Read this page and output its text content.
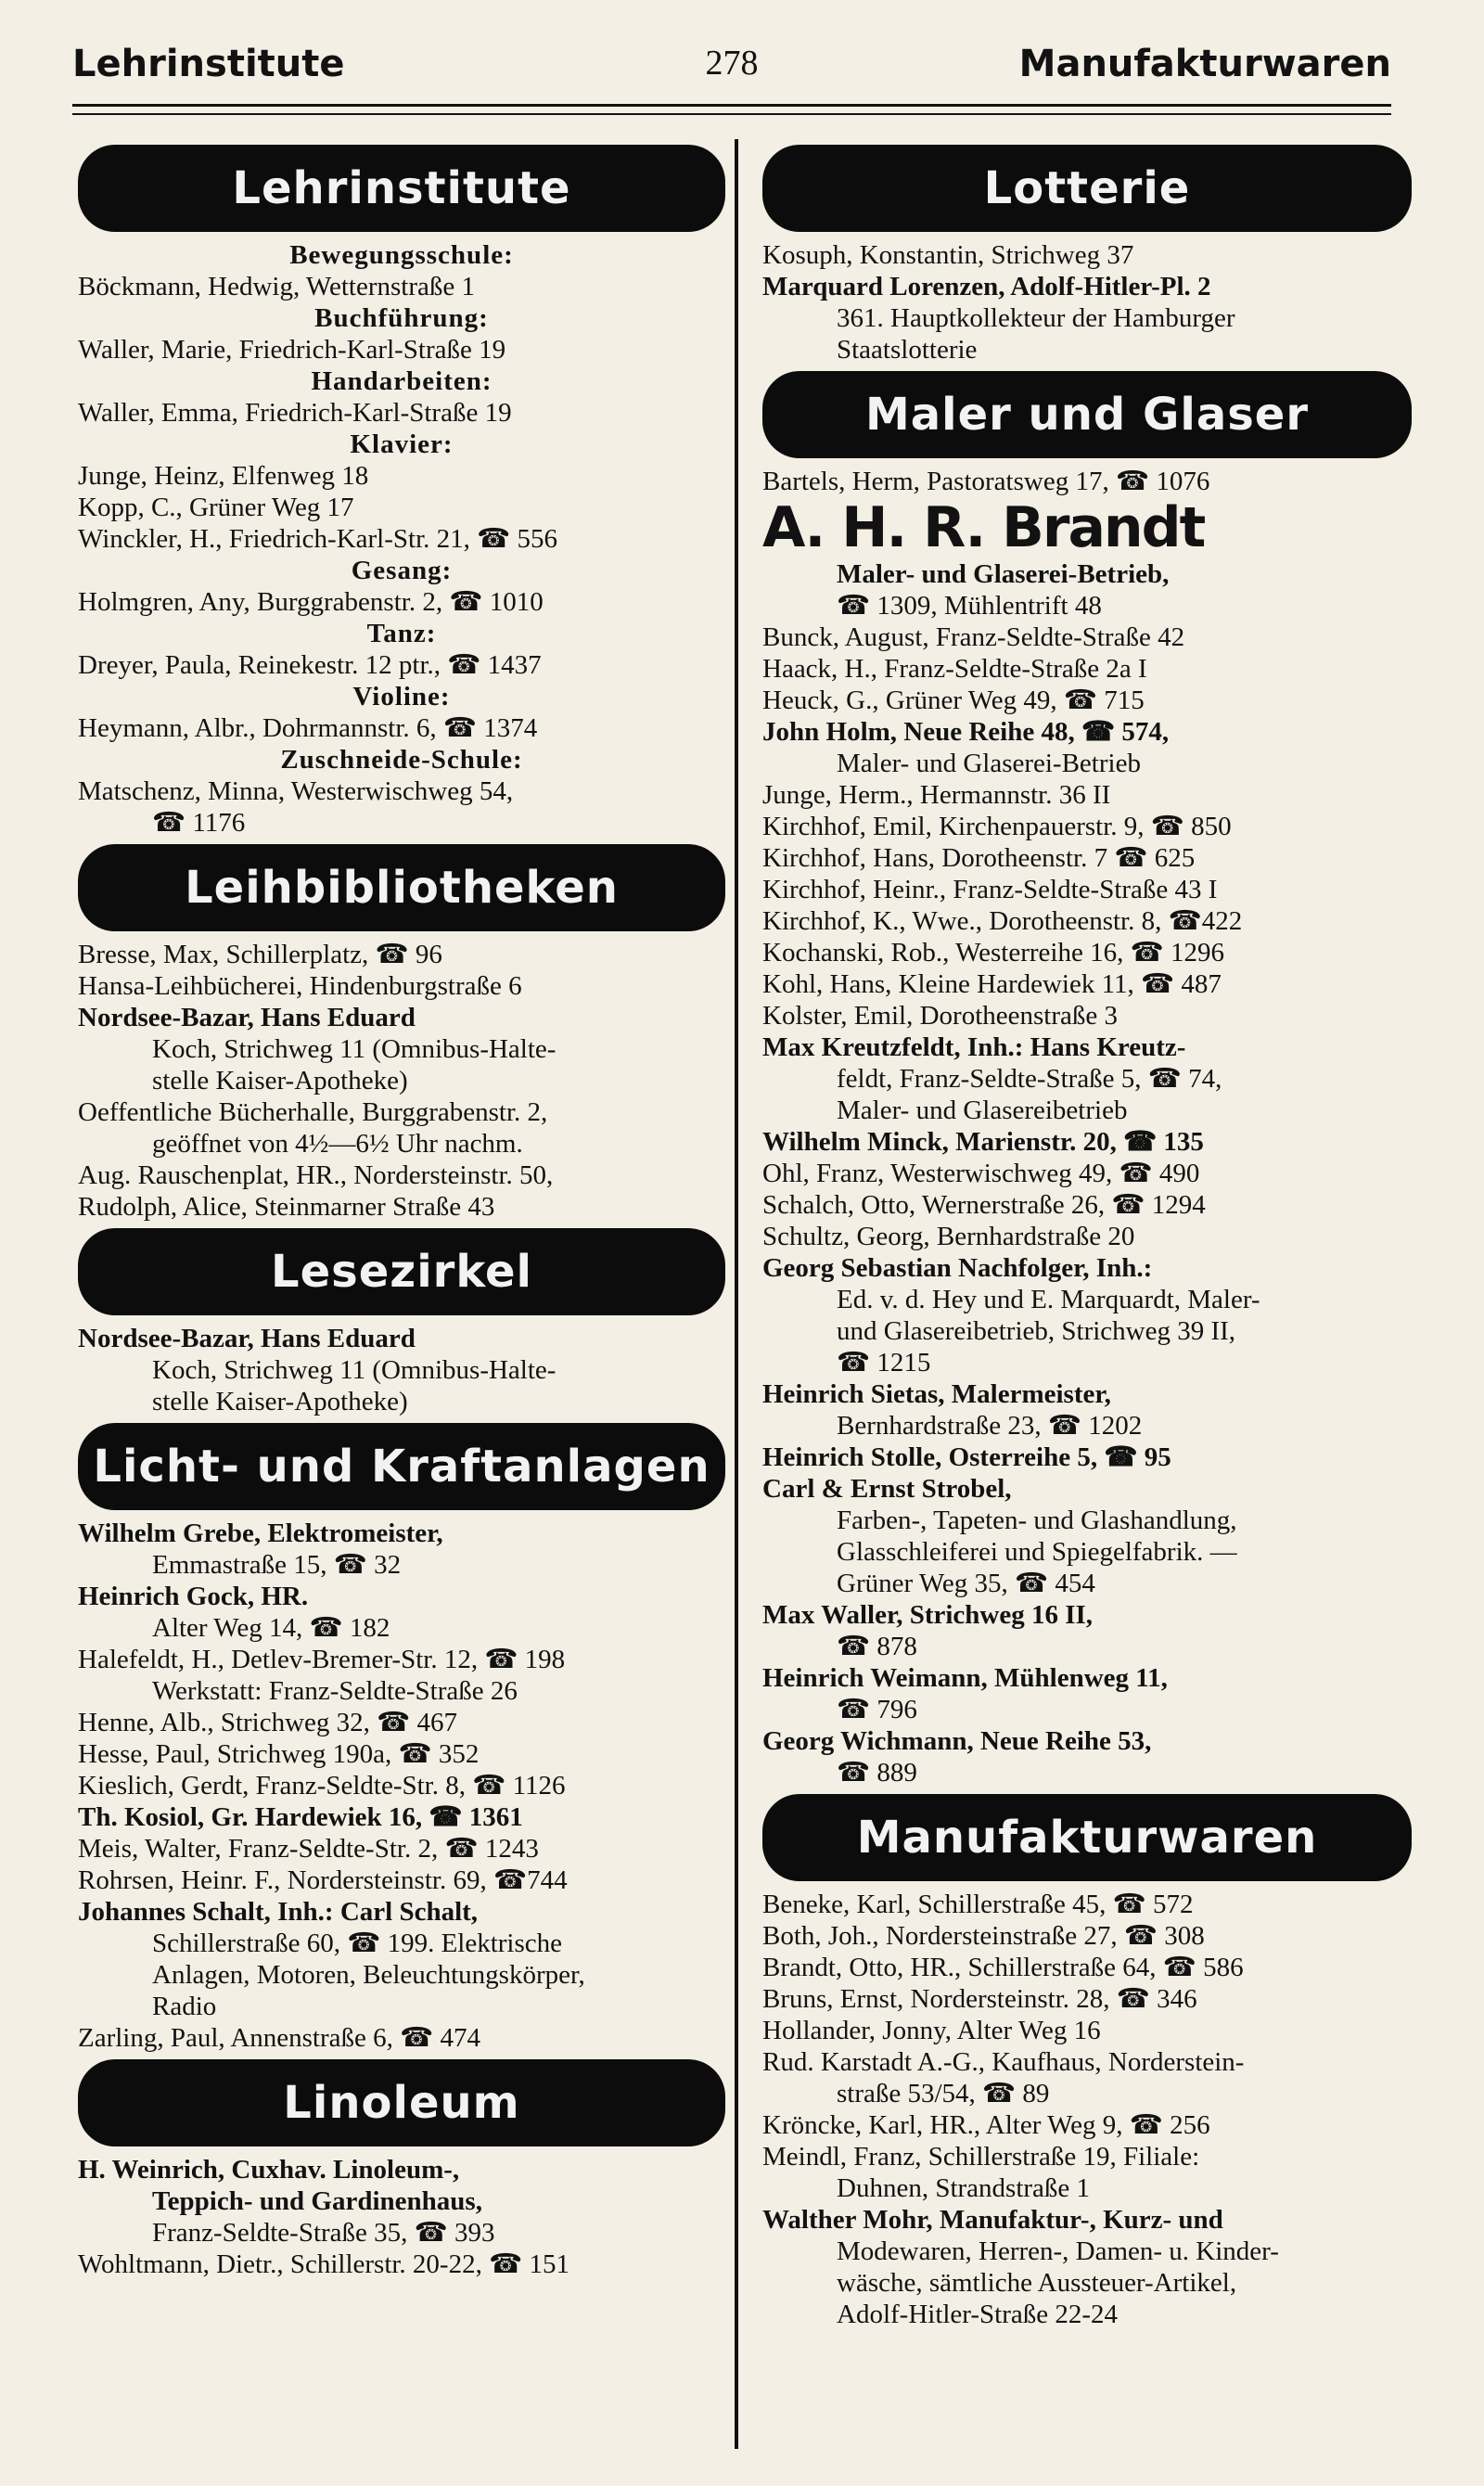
Lehrinstitute	278	Manufakturwaren
Lehrinstitute
Bewegungsschule:
Böckmann, Hedwig, Wetternstraße 1
Buchführung:
Waller, Marie, Friedrich-Karl-Straße 19
Handarbeiten:
Waller, Emma, Friedrich-Karl-Straße 19
Klavier:
Junge, Heinz, Elfenweg 18
Kopp, C., Grüner Weg 17
Winckler, H., Friedrich-Karl-Str. 21, ☎ 556
Gesang:
Holmgren, Any, Burggrabenstr. 2, ☎ 1010
Tanz:
Dreyer, Paula, Reinekestr. 12 ptr., ☎ 1437
Violine:
Heymann, Albr., Dohrmannstr. 6, ☎ 1374
Zuschneide-Schule:
Matschenz, Minna, Westerwischweg 54,
☎ 1176
Leihbibliotheken
Bresse, Max, Schillerplatz, ☎ 96
Hansa-Leihbücherei, Hindenburgstraße 6
Nordsee-Bazar, Hans Eduard
Koch, Strichweg 11 (Omnibus-Halte-
stelle Kaiser-Apotheke)
Oeffentliche Bücherhalle, Burggrabenstr. 2,
geöffnet von 4½—6½ Uhr nachm.
Aug. Rauschenplat, HR., Nordersteinstr. 50,
Rudolph, Alice, Steinmarner Straße 43
Lesezirkel
Nordsee-Bazar, Hans Eduard
Koch, Strichweg 11 (Omnibus-Halte-
stelle Kaiser-Apotheke)
Licht- und Kraftanlagen
Wilhelm Grebe, Elektromeister,
Emmastraße 15, ☎ 32
Heinrich Gock, HR.
Alter Weg 14, ☎ 182
Halefeldt, H., Detlev-Bremer-Str. 12, ☎ 198
Werkstatt: Franz-Seldte-Straße 26
Henne, Alb., Strichweg 32, ☎ 467
Hesse, Paul, Strichweg 190a, ☎ 352
Kieslich, Gerdt, Franz-Seldte-Str. 8, ☎ 1126
Th. Kosiol, Gr. Hardewiek 16, ☎ 1361
Meis, Walter, Franz-Seldte-Str. 2, ☎ 1243
Rohrsen, Heinr. F., Nordersteinstr. 69, ☎744
Johannes Schalt, Inh.: Carl Schalt,
Schillerstraße 60, ☎ 199. Elektrische
Anlagen, Motoren, Beleuchtungskörper,
Radio
Zarling, Paul, Annenstraße 6, ☎ 474
Linoleum
H. Weinrich, Cuxhav. Linoleum-,
Teppich- und Gardinenhaus,
Franz-Seldte-Straße 35, ☎ 393
Wohltmann, Dietr., Schillerstr. 20-22, ☎ 151
Lotterie
Kosuph, Konstantin, Strichweg 37
Marquard Lorenzen, Adolf-Hitler-Pl. 2
361. Hauptkollekteur der Hamburger
Staatslotterie
Maler und Glaser
Bartels, Herm, Pastoratsweg 17, ☎ 1076
A. H. R. Brandt
Maler- und Glaserei-Betrieb,
☎ 1309, Mühlentrift 48
Bunck, August, Franz-Seldte-Straße 42
Haack, H., Franz-Seldte-Straße 2a I
Heuck, G., Grüner Weg 49, ☎ 715
John Holm, Neue Reihe 48, ☎ 574,
Maler- und Glaserei-Betrieb
Junge, Herm., Hermannstr. 36 II
Kirchhof, Emil, Kirchenpauerstr. 9, ☎ 850
Kirchhof, Hans, Dorotheenstr. 7 ☎ 625
Kirchhof, Heinr., Franz-Seldte-Straße 43 I
Kirchhof, K., Wwe., Dorotheenstr. 8, ☎422
Kochanski, Rob., Westerreihe 16, ☎ 1296
Kohl, Hans, Kleine Hardewiek 11, ☎ 487
Kolster, Emil, Dorotheenstraße 3
Max Kreutzfeldt, Inh.: Hans Kreutz-
feldt, Franz-Seldte-Straße 5, ☎ 74,
Maler- und Glasereibetrieb
Wilhelm Minck, Marienstr. 20, ☎ 135
Ohl, Franz, Westerwischweg 49, ☎ 490
Schalch, Otto, Wernerstraße 26, ☎ 1294
Schultz, Georg, Bernhardstraße 20
Georg Sebastian Nachfolger, Inh.:
Ed. v. d. Hey und E. Marquardt, Maler-
und Glasereibetrieb, Strichweg 39 II,
☎ 1215
Heinrich Sietas, Malermeister,
Bernhardstraße 23, ☎ 1202
Heinrich Stolle, Osterreihe 5, ☎ 95
Carl & Ernst Strobel,
Farben-, Tapeten- und Glashandlung,
Glasschleiferei und Spiegelfabrik. —
Grüner Weg 35, ☎ 454
Max Waller, Strichweg 16 II,
☎ 878
Heinrich Weimann, Mühlenweg 11,
☎ 796
Georg Wichmann, Neue Reihe 53,
☎ 889
Manufakturwaren
Beneke, Karl, Schillerstraße 45, ☎ 572
Both, Joh., Nordersteinstraße 27, ☎ 308
Brandt, Otto, HR., Schillerstraße 64, ☎ 586
Bruns, Ernst, Nordersteinstr. 28, ☎ 346
Hollander, Jonny, Alter Weg 16
Rud. Karstadt A.-G., Kaufhaus, Norderstein-
straße 53/54, ☎ 89
Kröncke, Karl, HR., Alter Weg 9, ☎ 256
Meindl, Franz, Schillerstraße 19, Filiale:
Duhnen, Strandstraße 1
Walther Mohr, Manufaktur-, Kurz- und
Modewaren, Herren-, Damen- u. Kinder-
wäsche, sämtliche Aussteuer-Artikel,
Adolf-Hitler-Straße 22-24
